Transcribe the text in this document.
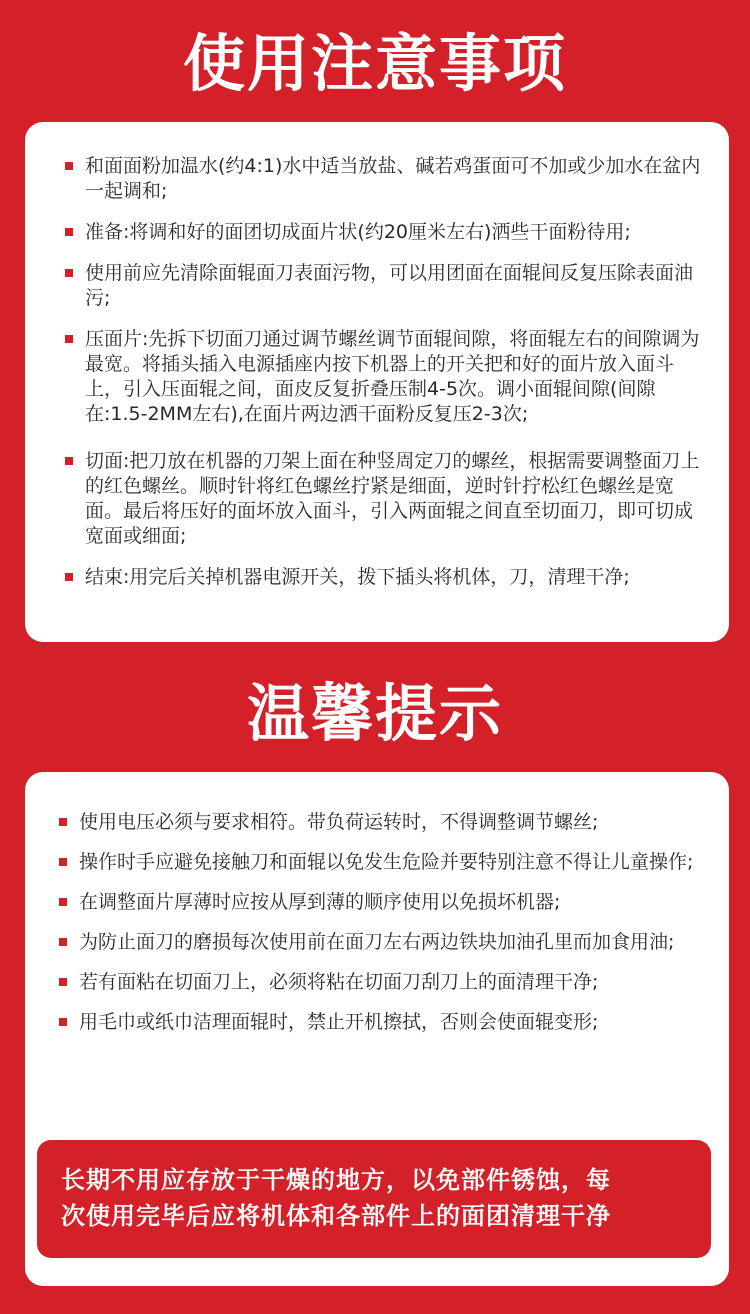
使用注意事项
和面面粉加温水(约4:1)水中适当放盐、碱若鸡蛋面可不加或少加水在盆内一起调和;
准备:将调和好的面团切成面片状(约20厘米左右)洒些干面粉待用;
使用前应先清除面辊面刀表面污物，可以用团面在面辊间反复压除表面油污;
压面片:先拆下切面刀通过调节螺丝调节面辊间隙，将面辊左右的间隙调为最宽。将插头插入电源插座内按下机器上的开关把和好的面片放入面斗上，引入压面辊之间，面皮反复折叠压制4-5次。调小面辊间隙(间隙在:1.5-2MM左右),在面片两边洒干面粉反复压2-3次;
切面:把刀放在机器的刀架上面在种竖周定刀的螺丝，根据需要调整面刀上的红色螺丝。顺时针将红色螺丝拧紧是细面，逆时针拧松红色螺丝是宽面。最后将压好的面坏放入面斗，引入两面辊之间直至切面刀，即可切成宽面或细面;
结束:用完后关掉机器电源开关，拨下插头将机体，刀，清理干净;
温馨提示
使用电压必须与要求相符。带负荷运转时，不得调整调节螺丝;
操作时手应避免接触刀和面辊以免发生危险并要特别注意不得让儿童操作;
在调整面片厚薄时应按从厚到薄的顺序使用以免损坏机器;
为防止面刀的磨损每次使用前在面刀左右两边铁块加油孔里而加食用油;
若有面粘在切面刀上，必须将粘在切面刀刮刀上的面清理干净;
用毛巾或纸巾洁理面辊时，禁止开机擦拭，否则会使面辊变形;
长期不用应存放于干燥的地方，以免部件锈蚀，每
次使用完毕后应将机体和各部件上的面团清理干净
